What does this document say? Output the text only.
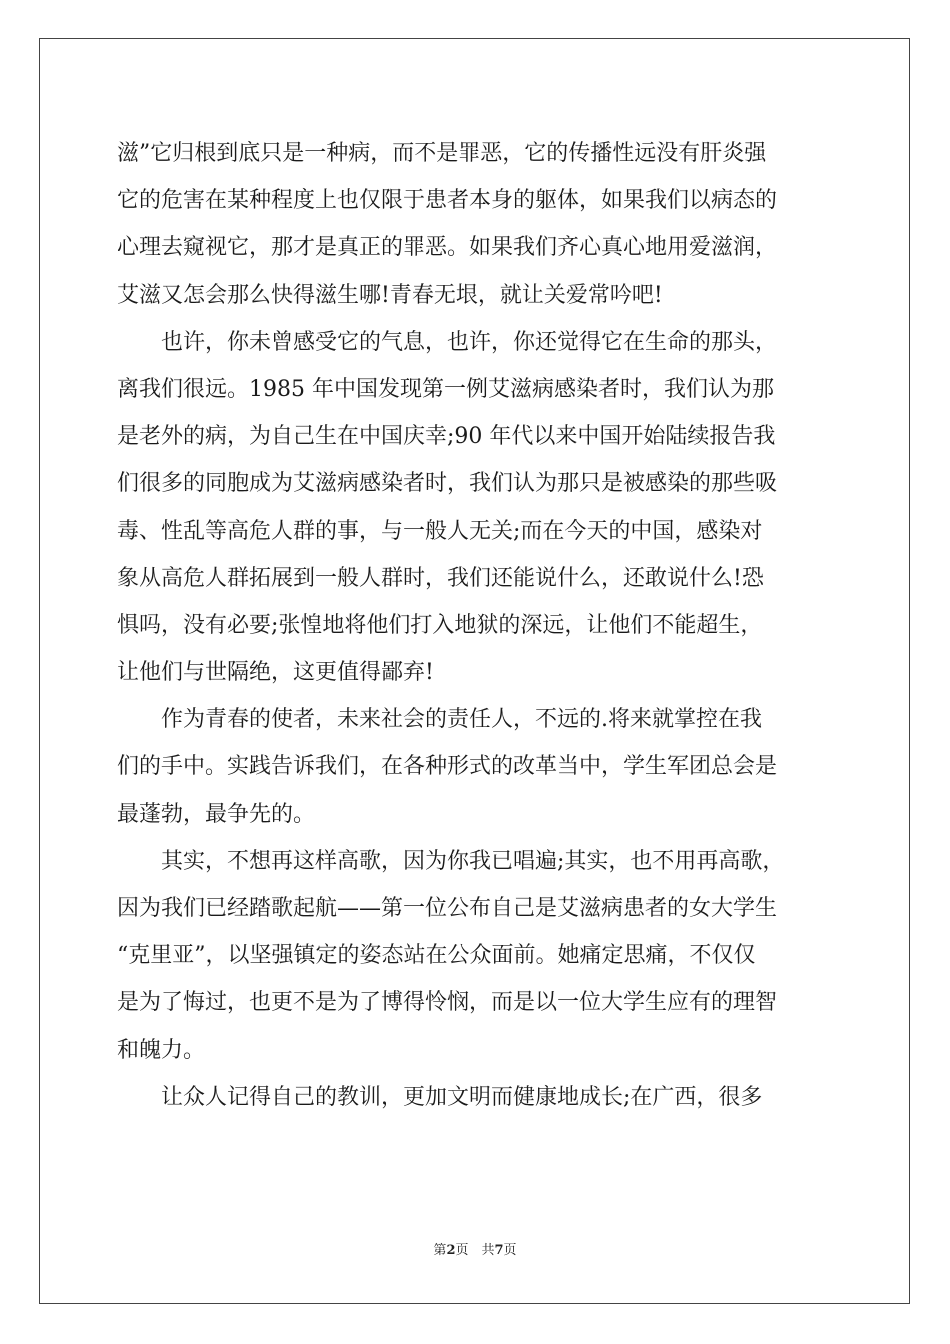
滋”它归根到底只是一种病，而不是罪恶，它的传播性远没有肝炎强
它的危害在某种程度上也仅限于患者本身的躯体，如果我们以病态的
心理去窥视它，那才是真正的罪恶。如果我们齐心真心地用爱滋润，
艾滋又怎会那么快得滋生哪!青春无垠，就让关爱常吟吧!
　　也许，你未曾感受它的气息，也许，你还觉得它在生命的那头，
离我们很远。1985 年中国发现第一例艾滋病感染者时，我们认为那
是老外的病，为自己生在中国庆幸;90 年代以来中国开始陆续报告我
们很多的同胞成为艾滋病感染者时，我们认为那只是被感染的那些吸
毒、性乱等高危人群的事，与一般人无关;而在今天的中国，感染对
象从高危人群拓展到一般人群时，我们还能说什么，还敢说什么!恐
惧吗，没有必要;张惶地将他们打入地狱的深远，让他们不能超生，
让他们与世隔绝，这更值得鄙弃!
　　作为青春的使者，未来社会的责任人，不远的.将来就掌控在我
们的手中。实践告诉我们，在各种形式的改革当中，学生军团总会是
最蓬勃，最争先的。
　　其实，不想再这样高歌，因为你我已唱遍;其实，也不用再高歌，
因为我们已经踏歌起航——第一位公布自己是艾滋病患者的女大学生
“克里亚”，以坚强镇定的姿态站在公众面前。她痛定思痛，不仅仅
是为了悔过，也更不是为了博得怜悯，而是以一位大学生应有的理智
和魄力。
　　让众人记得自己的教训，更加文明而健康地成长;在广西，很多
第2页　共7页
